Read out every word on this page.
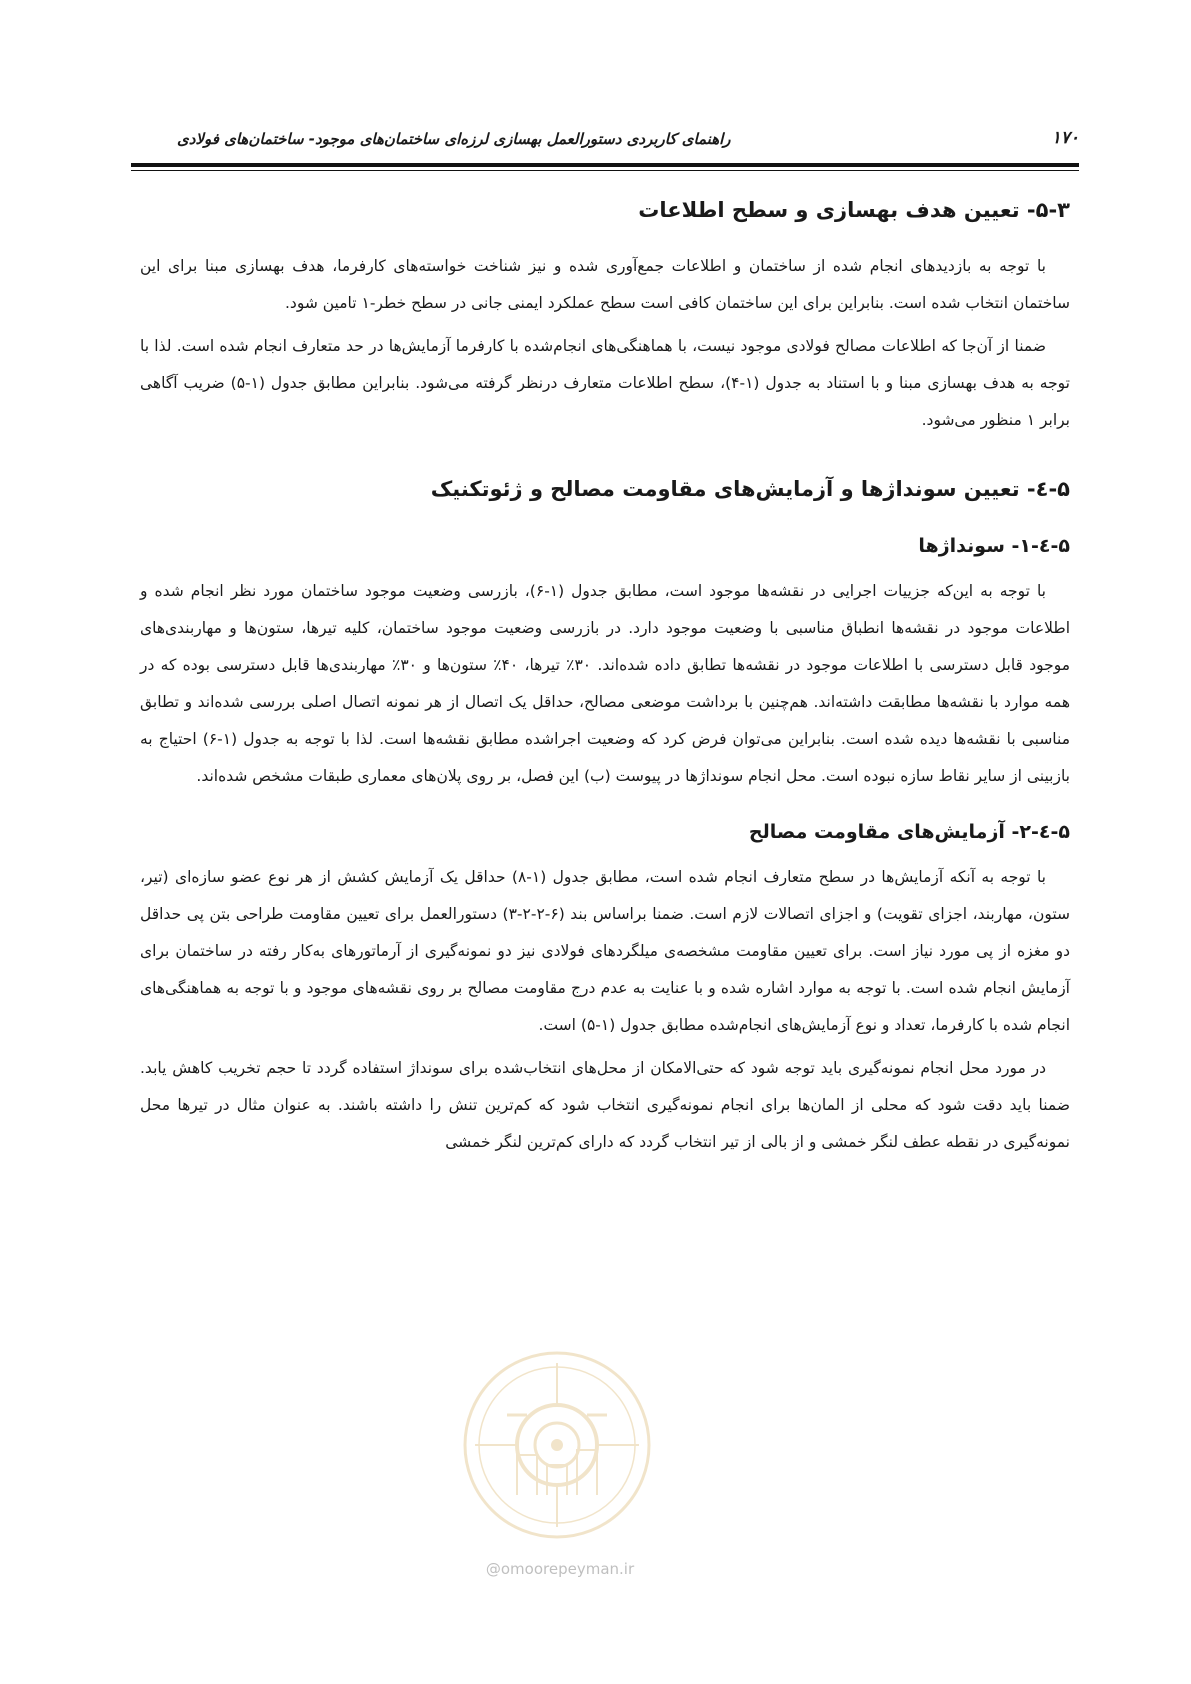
۱۷۰
راهنمای کاربردی دستورالعمل بهسازی لرزه‌ای ساختمان‌های موجود- ساختمان‌های فولادی
۵-۳- تعیین هدف بهسازی و سطح اطلاعات

با توجه به بازدیدهای انجام شده از ساختمان و اطلاعات جمع‌آوری شده و نیز شناخت خواسته‌های کارفرما، هدف بهسازی مبنا برای این ساختمان انتخاب شده است. بنابراین برای این ساختمان کافی است سطح عملکرد ایمنی جانی در سطح خطر-۱ تامین شود.

ضمنا از آن‌جا که اطلاعات مصالح فولادی موجود نیست، با هماهنگی‌های انجام‌شده با کارفرما آزمایش‌ها در حد متعارف انجام شده است. لذا با توجه به هدف بهسازی مبنا و با استناد به جدول (۱-۴)، سطح اطلاعات متعارف درنظر گرفته می‌شود. بنابراین مطابق جدول (۱-۵) ضریب آگاهی برابر ۱ منظور می‌شود.

۵-٤- تعیین سونداژها و آزمایش‌های مقاومت مصالح و ژئوتکنیک
۵-٤-۱- سونداژها

با توجه به این‌که جزییات اجرایی در نقشه‌ها موجود است، مطابق جدول (۱-۶)، بازرسی وضعیت موجود ساختمان مورد نظر انجام شده و اطلاعات موجود در نقشه‌ها انطباق مناسبی با وضعیت موجود دارد. در بازرسی وضعیت موجود ساختمان، کلیه تیرها، ستون‌ها و مهاربندی‌های موجود قابل دسترسی با اطلاعات موجود در نقشه‌ها تطابق داده شده‌اند. ۳۰٪ تیرها، ۴۰٪ ستون‌ها و ۳۰٪ مهاربندی‌ها قابل دسترسی بوده که در همه موارد با نقشه‌ها مطابقت داشته‌اند. هم‌چنین با برداشت موضعی مصالح، حداقل یک اتصال از هر نمونه اتصال اصلی بررسی شده‌اند و تطابق مناسبی با نقشه‌ها دیده شده است. بنابراین می‌توان فرض کرد که وضعیت اجراشده مطابق نقشه‌ها است. لذا با توجه به جدول (۱-۶) احتیاج به بازبینی از سایر نقاط سازه نبوده است. محل انجام سونداژها در پیوست (ب) این فصل، بر روی پلان‌های معماری طبقات مشخص شده‌اند.

۵-٤-۲- آزمایش‌های مقاومت مصالح

با توجه به آنکه آزمایش‌ها در سطح متعارف انجام شده است، مطابق جدول (۱-۸) حداقل یک آزمایش کشش از هر نوع عضو سازه‌ای (تیر، ستون، مهاربند، اجزای تقویت) و اجزای اتصالات لازم است. ضمنا براساس بند (۶-۲-۲-۳) دستورالعمل برای تعیین مقاومت طراحی بتن پی حداقل دو مغزه از پی مورد نیاز است. برای تعیین مقاومت مشخصه‌ی میلگردهای فولادی نیز دو نمونه‌گیری از آرماتورهای به‌کار رفته در ساختمان برای آزمایش انجام شده است. با توجه به موارد اشاره شده و با عنایت به عدم درج مقاومت مصالح بر روی نقشه‌های موجود و با توجه به هماهنگی‌های انجام شده با کارفرما، تعداد و نوع آزمایش‌های انجام‌شده مطابق جدول (۱-۵) است.

در مورد محل انجام نمونه‌گیری باید توجه شود که حتی‌الامکان از محل‌های انتخاب‌شده برای سونداژ استفاده گردد تا حجم تخریب کاهش یابد. ضمنا باید دقت شود که محلی از المان‌ها برای انجام نمونه‌گیری انتخاب شود که کم‌ترین تنش را داشته باشند. به عنوان مثال در تیرها محل نمونه‌گیری در نقطه عطف لنگر خمشی و از بالی از تیر انتخاب گردد که دارای کم‌ترین لنگر خمشی

@omoorepeyman.ir
